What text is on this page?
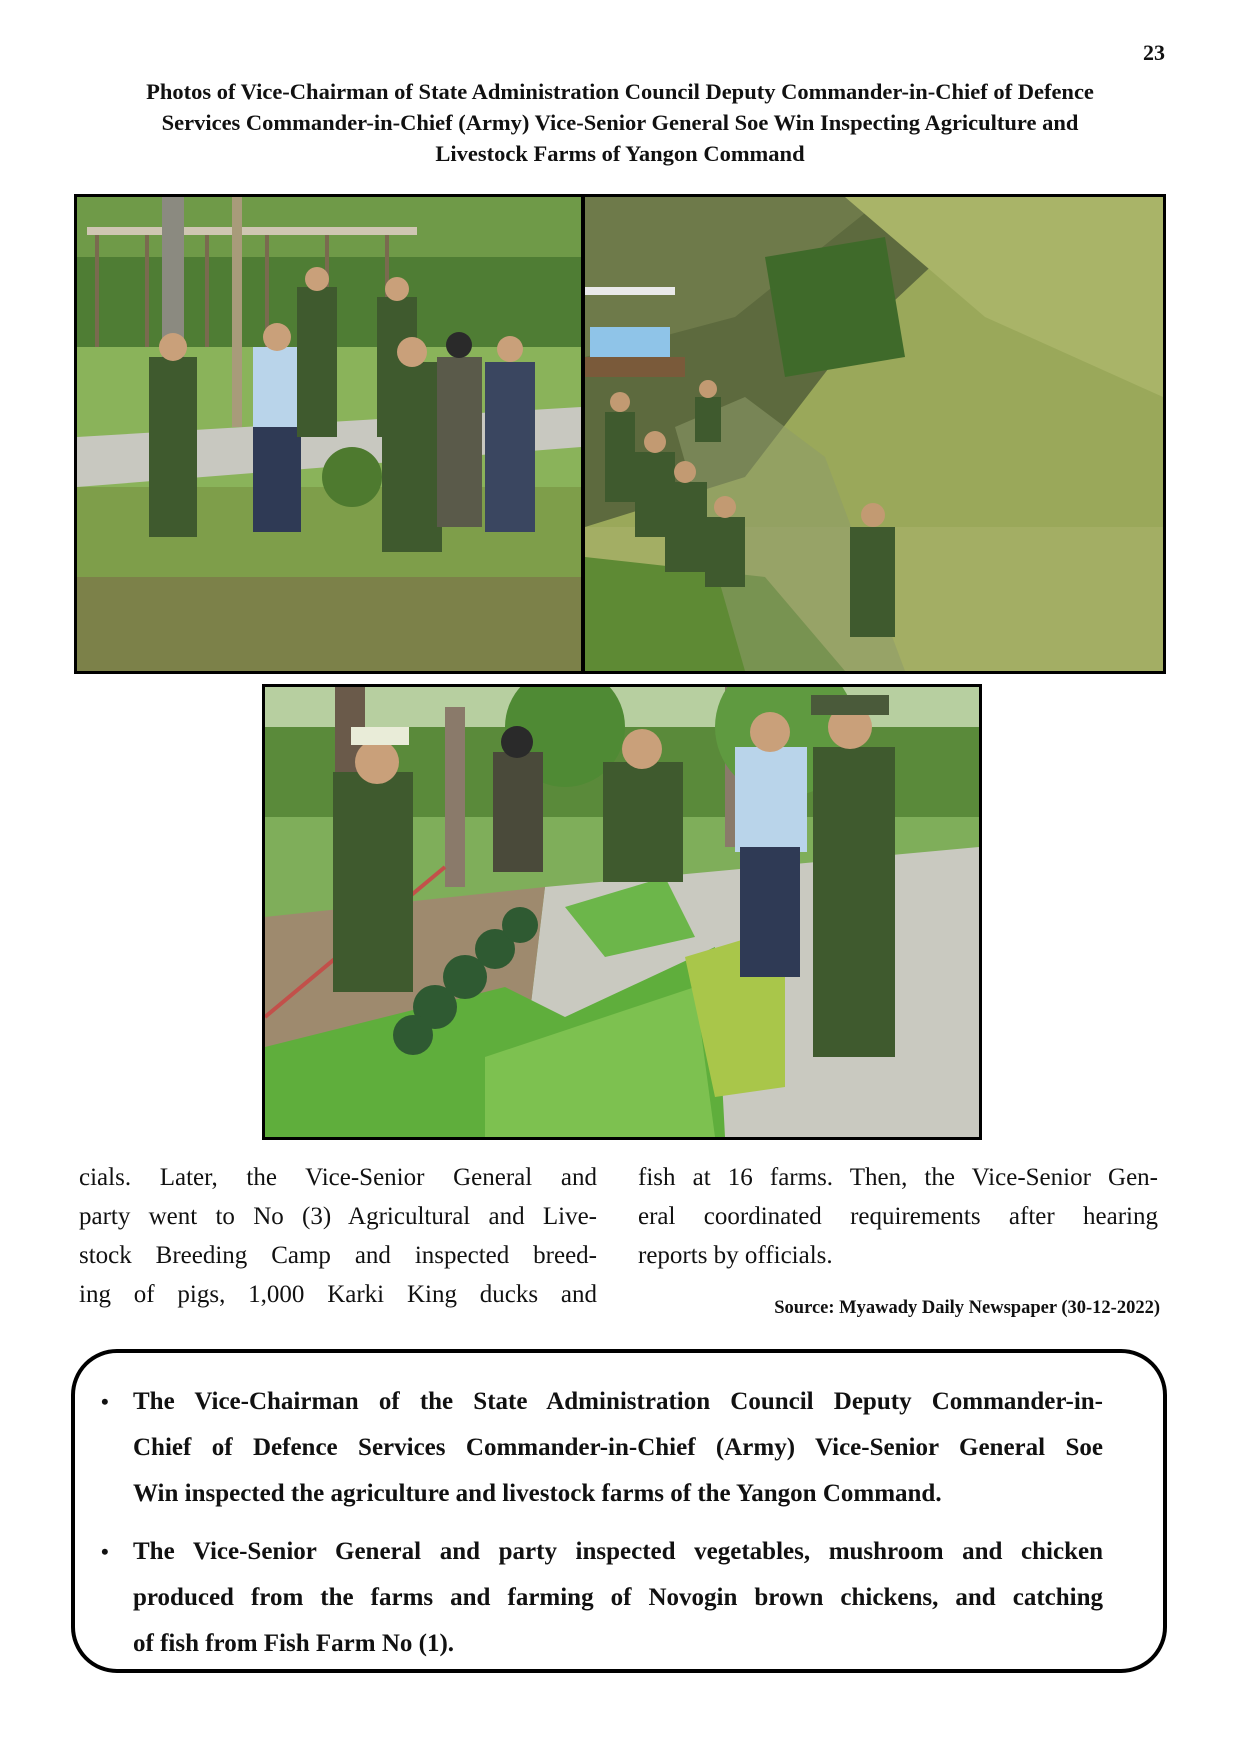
23
Photos of Vice-Chairman of State Administration Council Deputy Commander-in-Chief of Defence
Services Commander-in-Chief (Army) Vice-Senior General Soe Win Inspecting Agriculture and
Livestock Farms of Yangon Command
cials. Later, the Vice-Senior General and
party went to No (3) Agricultural and Live-
stock Breeding Camp and inspected breed-
ing of pigs, 1,000 Karki King ducks and
fish at 16 farms. Then, the Vice-Senior Gen-
eral coordinated requirements after hearing
reports by officials.
Source: Myawady Daily Newspaper (30-12-2022)
• The Vice-Chairman of the State Administration Council Deputy Commander-in-
Chief of Defence Services Commander-in-Chief (Army) Vice-Senior General Soe
Win inspected the agriculture and livestock farms of the Yangon Command.
• The Vice-Senior General and party inspected vegetables, mushroom and chicken
produced from the farms and farming of Novogin brown chickens, and catching
of fish from Fish Farm No (1).
